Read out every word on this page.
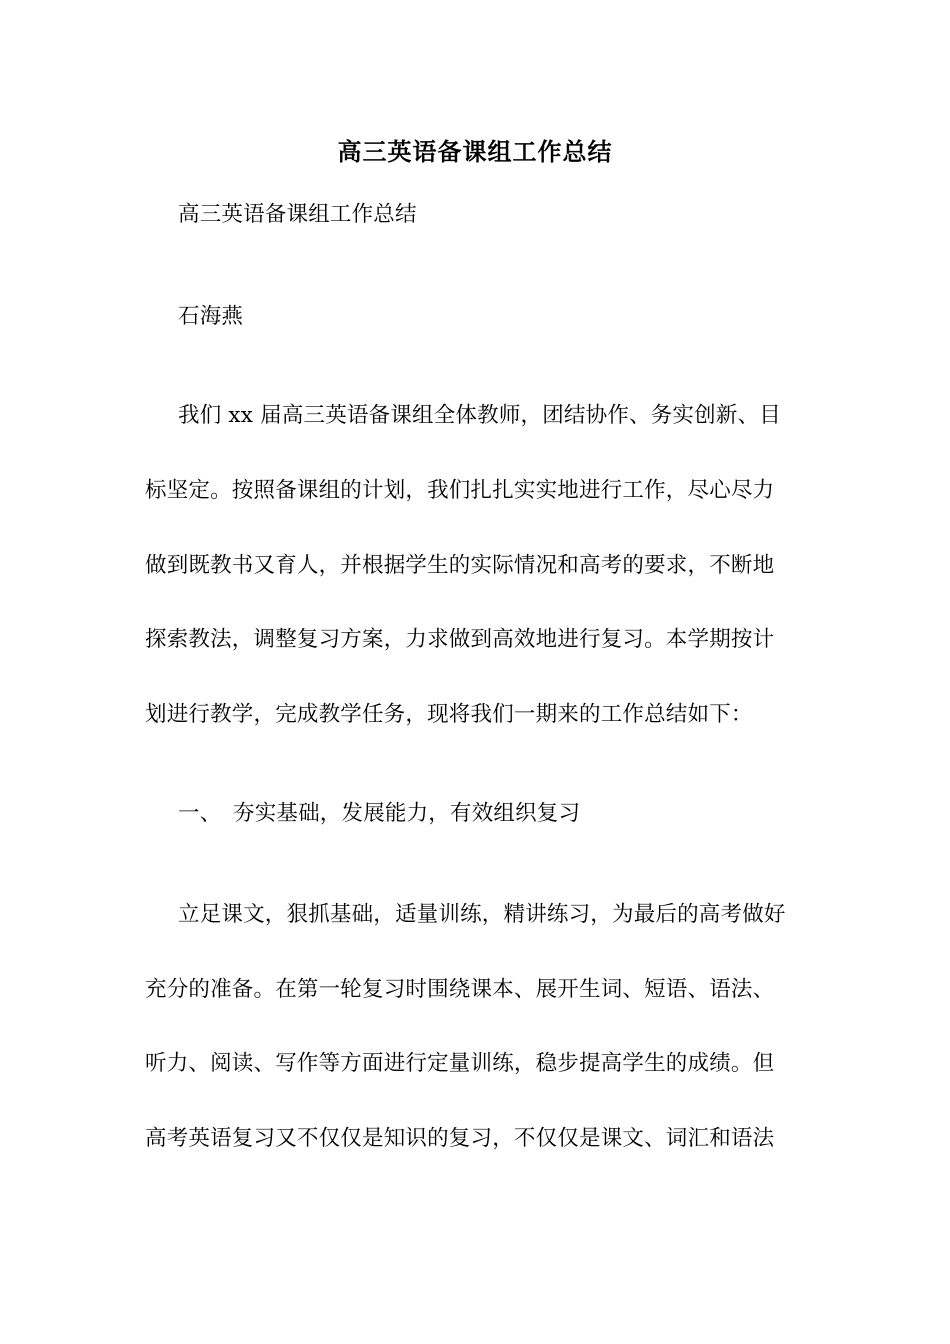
高三英语备课组工作总结
高三英语备课组工作总结
石海燕
我们 xx 届高三英语备课组全体教师，团结协作、务实创新、目
标坚定。按照备课组的计划，我们扎扎实实地进行工作，尽心尽力
做到既教书又育人，并根据学生的实际情况和高考的要求，不断地
探索教法，调整复习方案，力求做到高效地进行复习。本学期按计
划进行教学，完成教学任务，现将我们一期来的工作总结如下：
一、 夯实基础，发展能力，有效组织复习
立足课文，狠抓基础，适量训练，精讲练习，为最后的高考做好
充分的准备。在第一轮复习时围绕课本、展开生词、短语、语法、
听力、阅读、写作等方面进行定量训练，稳步提高学生的成绩。但
高考英语复习又不仅仅是知识的复习，不仅仅是课文、词汇和语法
